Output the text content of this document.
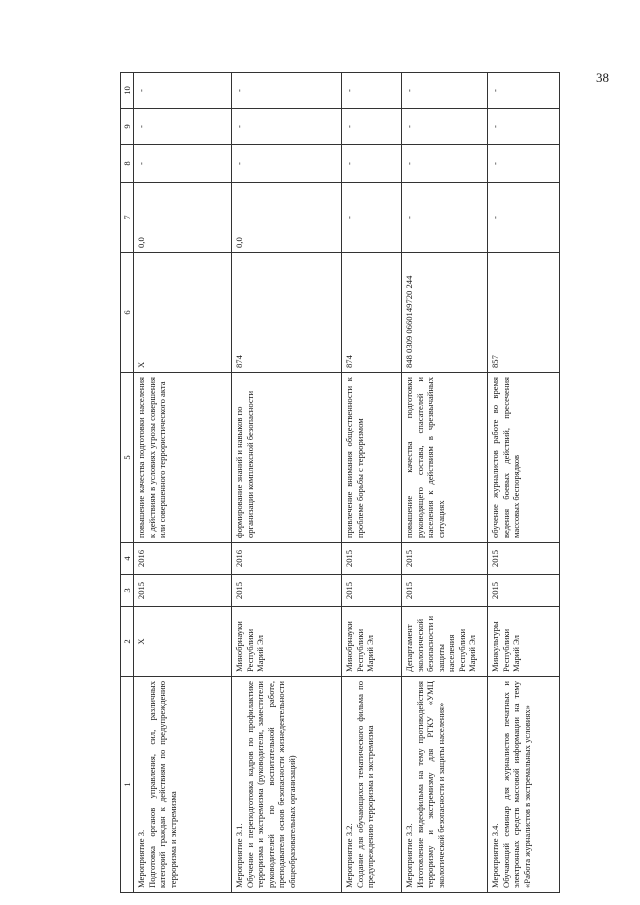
38
1	2	3	4	5	6	7	8	9	10

Мероприятие 3. Подготовка органов управления, сил, различных категорий граждан к действиям по предупреждению терроризма и экстремизма	X	2015	2016	повышение качества подготовки населения к действиям в условиях угрозы совершения или совершенного террористического акта	X	0,0	-	-	-

Мероприятие 3.1. Обучение и переподготовка кадров по профилактике терроризма и экстремизма (руководители, заместители руководителей по воспитательной работе, преподаватели основ безопасности жизнедеятельности общеобразовательных организаций)	Минобрнауки Республики Марий Эл	2015	2016	формирование знаний и навыков по организации комплексной безопасности	874	0,0	-	-	-

Мероприятие 3.2. Создание для обучающихся тематического фильма по предупреждению терроризма и экстремизма	Минобрнауки Республики Марий Эл	2015	2015	привлечение внимания общественности к проблеме борьбы с терроризмом	874	-	-	-	-

Мероприятие 3.3. Изготовление видеофильма на тему противодействия терроризму и экстремизму для РГКУ «УМЦ экологической безопасности и защиты населения»	Департамент экологической безопасности и защиты населения Республики Марий Эл	2015	2015	повышение качества подготовки руководящего состава, спасателей и населения к действиям в чрезвычайных ситуациях	848 0309 0660149720 244	-	-	-	-

Мероприятие 3.4. Обучающий семинар для журналистов печатных и электронных средств массовой информации на тему «Работа журналистов в экстремальных условиях»	Минкультуры Республики Марий Эл	2015	2015	обучение журналистов работе во время ведения боевых действий, пресечения массовых беспорядков	857	-	-	-	-
